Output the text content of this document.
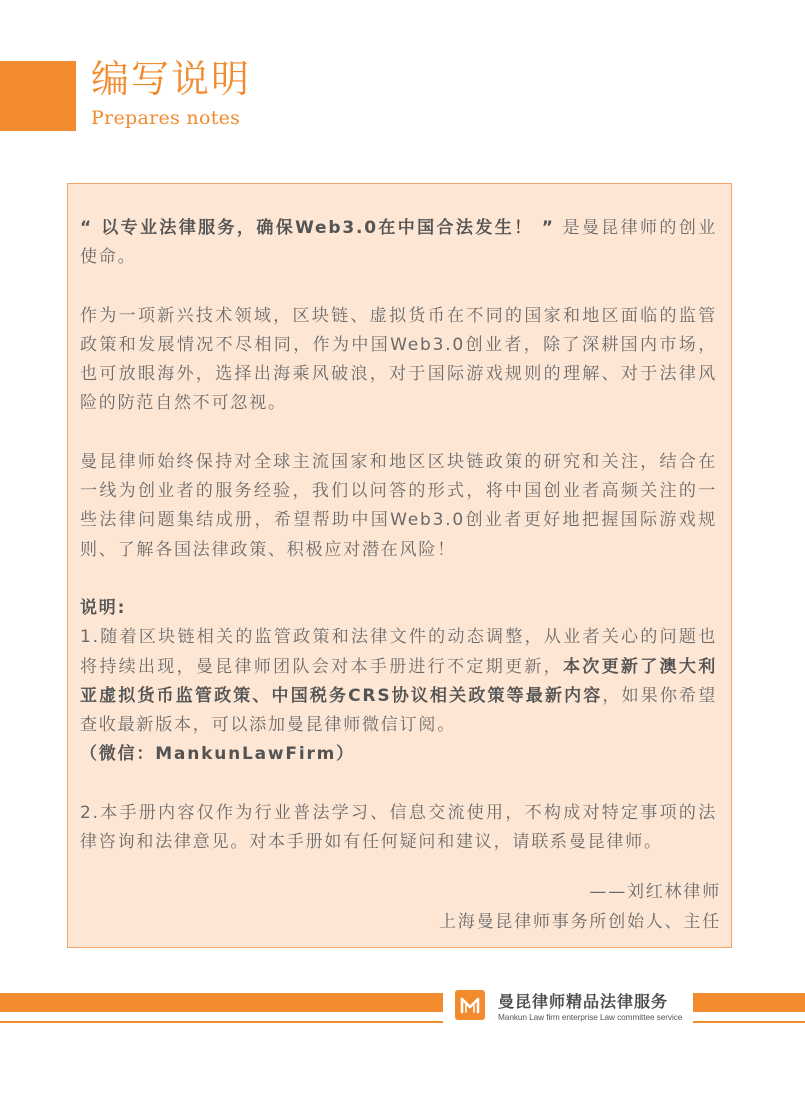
编写说明
Prepares notes

“ 以专业法律服务，确保Web3.0在中国合法发生！ ” 是曼昆律师的创业使命。

作为一项新兴技术领域，区块链、虚拟货币在不同的国家和地区面临的监管政策和发展情况不尽相同，作为中国Web3.0创业者，除了深耕国内市场，也可放眼海外，选择出海乘风破浪，对于国际游戏规则的理解、对于法律风险的防范自然不可忽视。

曼昆律师始终保持对全球主流国家和地区区块链政策的研究和关注，结合在一线为创业者的服务经验，我们以问答的形式，将中国创业者高频关注的一些法律问题集结成册，希望帮助中国Web3.0创业者更好地把握国际游戏规则、了解各国法律政策、积极应对潜在风险！

说明:
1.随着区块链相关的监管政策和法律文件的动态调整，从业者关心的问题也将持续出现，曼昆律师团队会对本手册进行不定期更新，本次更新了澳大利亚虚拟货币监管政策、中国税务CRS协议相关政策等最新内容，如果你希望查收最新版本，可以添加曼昆律师微信订阅。
（微信：MankunLawFirm）

2.本手册内容仅作为行业普法学习、信息交流使用，不构成对特定事项的法律咨询和法律意见。对本手册如有任何疑问和建议，请联系曼昆律师。

——刘红林律师
上海曼昆律师事务所创始人、主任
曼昆律师精品法律服务
Mankun Law firm enterprise Law committee service
